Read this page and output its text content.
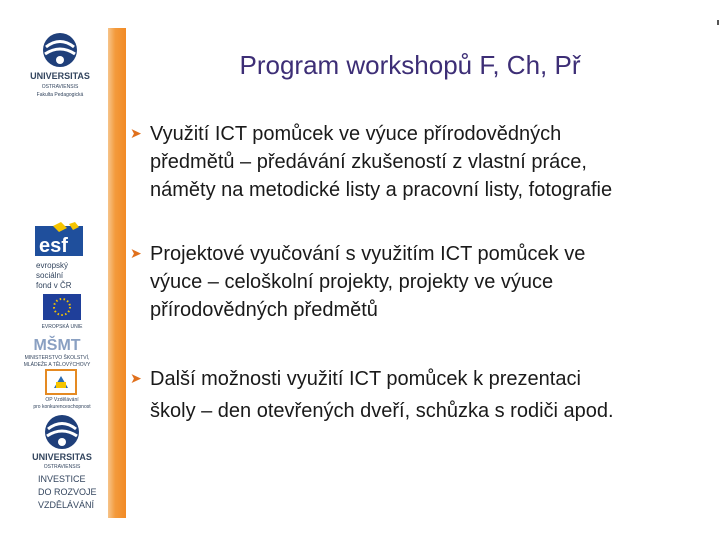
UNIVERSITAS
OSTRAVIENSIS
Fakulta Pedagogická
esf
evropský
sociální
fond v ČR
EVROPSKÁ UNIE
MŠMT
MINISTERSTVO ŠKOLSTVÍ,
MLÁDEŽE A TĚLOVÝCHOVY
OP Vzdělávání
pro konkurenceschopnost
UNIVERSITAS
OSTRAVIENSIS
INVESTICE
DO ROZVOJE
VZDĚLÁVÁNÍ
Program workshopů F, Ch, Př
➤ Využití ICT pomůcek ve výuce přírodovědných
předmětů – předávání zkušeností z vlastní práce,
náměty na metodické listy a pracovní listy, fotografie
➤ Projektové vyučování s využitím ICT pomůcek ve
výuce – celoškolní projekty, projekty ve výuce
přírodovědných předmětů
➤ Další možnosti využití ICT pomůcek k prezentaci
školy – den otevřených dveří, schůzka s rodiči apod.
